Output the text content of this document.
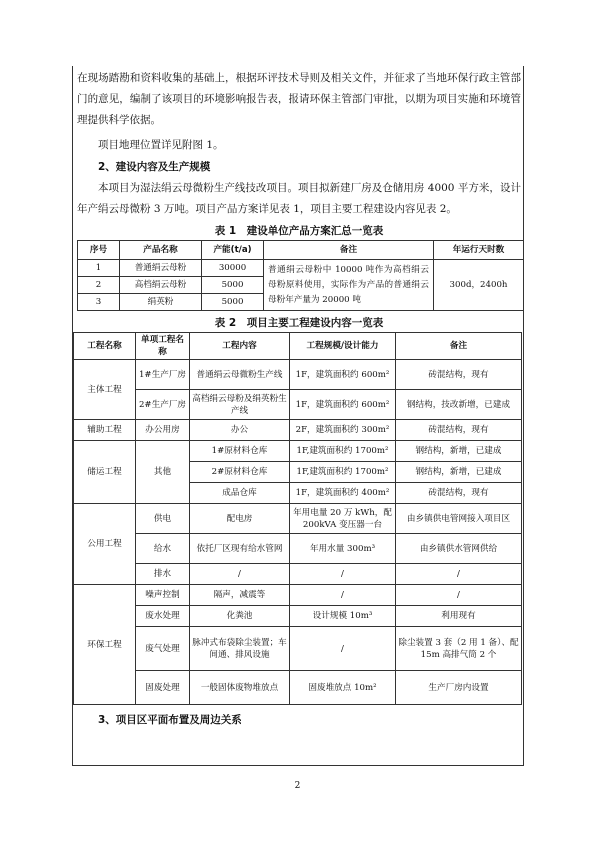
在现场踏勘和资料收集的基础上，根据环评技术导则及相关文件，并征求了当地环保行政主管部门的意见，编制了该项目的环境影响报告表，报请环保主管部门审批，以期为项目实施和环境管理提供科学依据。

项目地理位置详见附图 1。

2、建设内容及生产规模

本项目为湿法绢云母微粉生产线技改项目。项目拟新建厂房及仓储用房 4000 平方米，设计年产绢云母微粉 3 万吨。项目产品方案详见表 1，项目主要工程建设内容见表 2。

表 1　建设单位产品方案汇总一览表
序号	产品名称	产能(t/a)	备注	年运行天时数
1	普通绢云母粉	30000	普通绢云母粉中 10000 吨作为高档绢云母粉原料使用，实际作为产品的普通绢云母粉年产量为 20000 吨	300d，2400h
2	高档绢云母粉	5000		
3	绢英粉	5000		
表 2　项目主要工程建设内容一览表
工程名称	单项工程名称	工程内容	工程规模/设计能力	备注
主体工程	1#生产厂房	普通绢云母微粉生产线	1F，建筑面积约 600m²	砖混结构，现有
	2#生产厂房	高档绢云母粉及绢英粉生产线	1F，建筑面积约 600m²	钢结构，技改新增，已建成
辅助工程	办公用房	办公	2F，建筑面积约 300m²	砖混结构，现有
储运工程	其他	1#原材料仓库	1F,建筑面积约 1700m²	钢结构，新增，已建成
		2#原材料仓库	1F,建筑面积约 1700m²	钢结构，新增，已建成
		成品仓库	1F，建筑面积约 400m²	砖混结构，现有
公用工程	供电	配电房	年用电量 20 万 kWh，配 200kVA 变压器一台	由乡镇供电管网接入项目区
	给水	依托厂区现有给水管网	年用水量 300m³	由乡镇供水管网供给
	排水	/	/	/
环保工程	噪声控制	隔声，减震等	/	/
	废水处理	化粪池	设计规模 10m³	利用现有
	废气处理	脉冲式布袋除尘装置；车间通、排风设施	/	除尘装置 3 套（2 用 1 备）、配 15m 高排气筒 2 个
	固废处理	一般固体废物堆放点	固废堆放点 10m²	生产厂房内设置
3、项目区平面布置及周边关系
2
